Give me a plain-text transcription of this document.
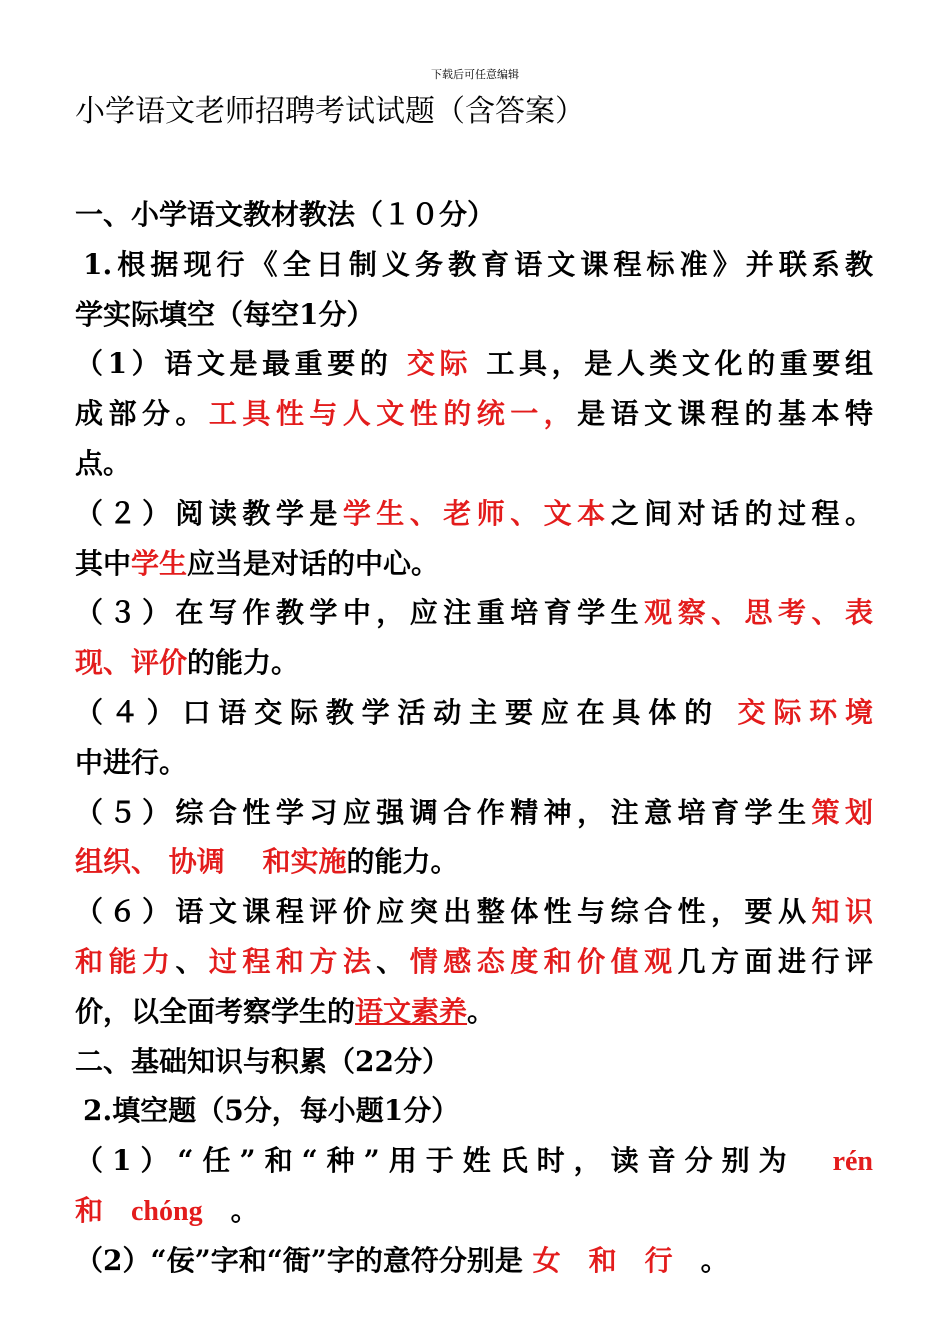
下载后可任意编辑
小学语文老师招聘考试试题（含答案）
一、小学语文教材教法（１０分）
1.根据现行《全日制义务教育语文课程标准》并联系教
学实际填空（每空1分）
（1）语文是最重要的 交际 工具，是人类文化的重要组
成部分。工具性与人文性的统一，是语文课程的基本特
点。
（２）阅读教学是学生、老师、文本之间对话的过程。
其中学生应当是对话的中心。
（３）在写作教学中，应注重培育学生观察、思考、表
现、评价的能力。
（４）口语交际教学活动主要应在具体的 交际环境
中进行。
（５）综合性学习应强调合作精神，注意培育学生策划
组织、 协调　 和实施的能力。
（６）语文课程评价应突出整体性与综合性，要从知识
和能力、过程和方法、情感态度和价值观几方面进行评
价，以全面考察学生的语文素养。
二、基础知识与积累（22分）
2.填空题（5分，每小题1分）
（1）“任”和“种”用于姓氏时，读音分别为　rén
和　chóng　。
（2）“佞”字和“衙”字的意符分别是 女　和　行　。
